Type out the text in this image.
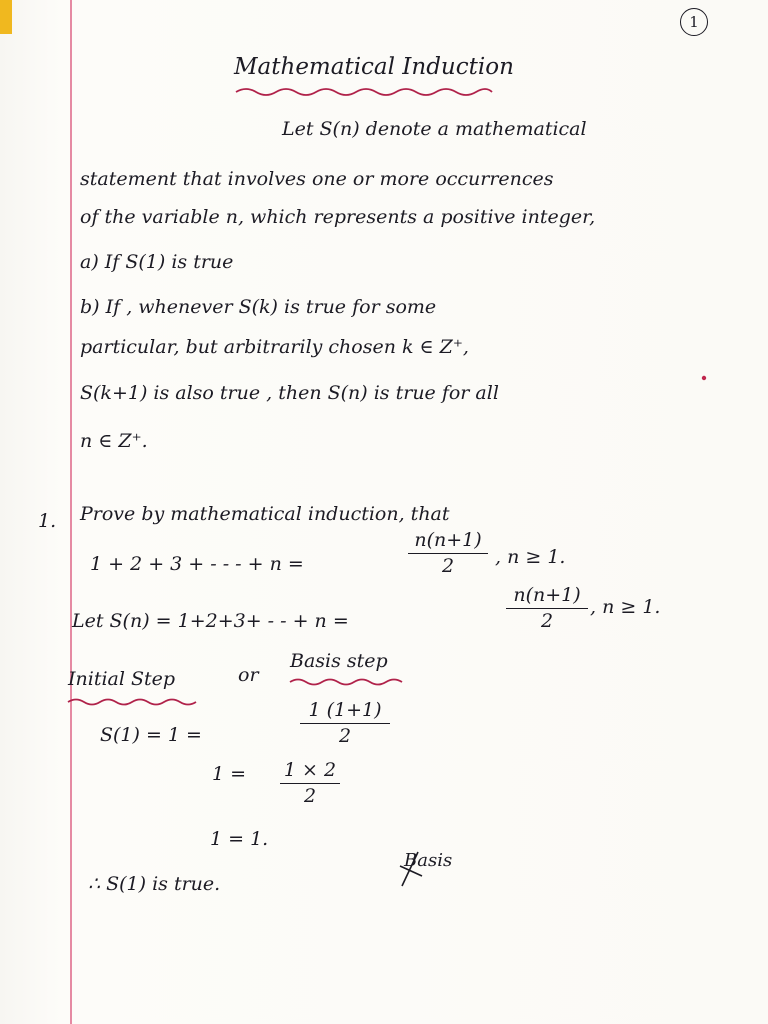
1
Mathematical Induction
Let S(n) denote a mathematical
statement that involves one or more occurrences
of the variable n, which represents a positive integer,
a) If S(1) is true
b) If , whenever S(k) is true for some
particular, but arbitrarily chosen k ∈ Z⁺,
S(k+1) is also true , then S(n) is true for all
n ∈ Z⁺.
1. Prove by mathematical induction, that
1 + 2 + 3 + - - - + n =
n(n+1)
2	, n ≥ 1.
Let S(n) = 1+2+3+ - - + n =
n(n+1)
2
, n ≥ 1.
Initial Step	or
Basis step
S(1) = 1 =
1 (1+1)
2
1 = 1 × 2
2
1 = 1.
∴ S(1) is true.
Basis
